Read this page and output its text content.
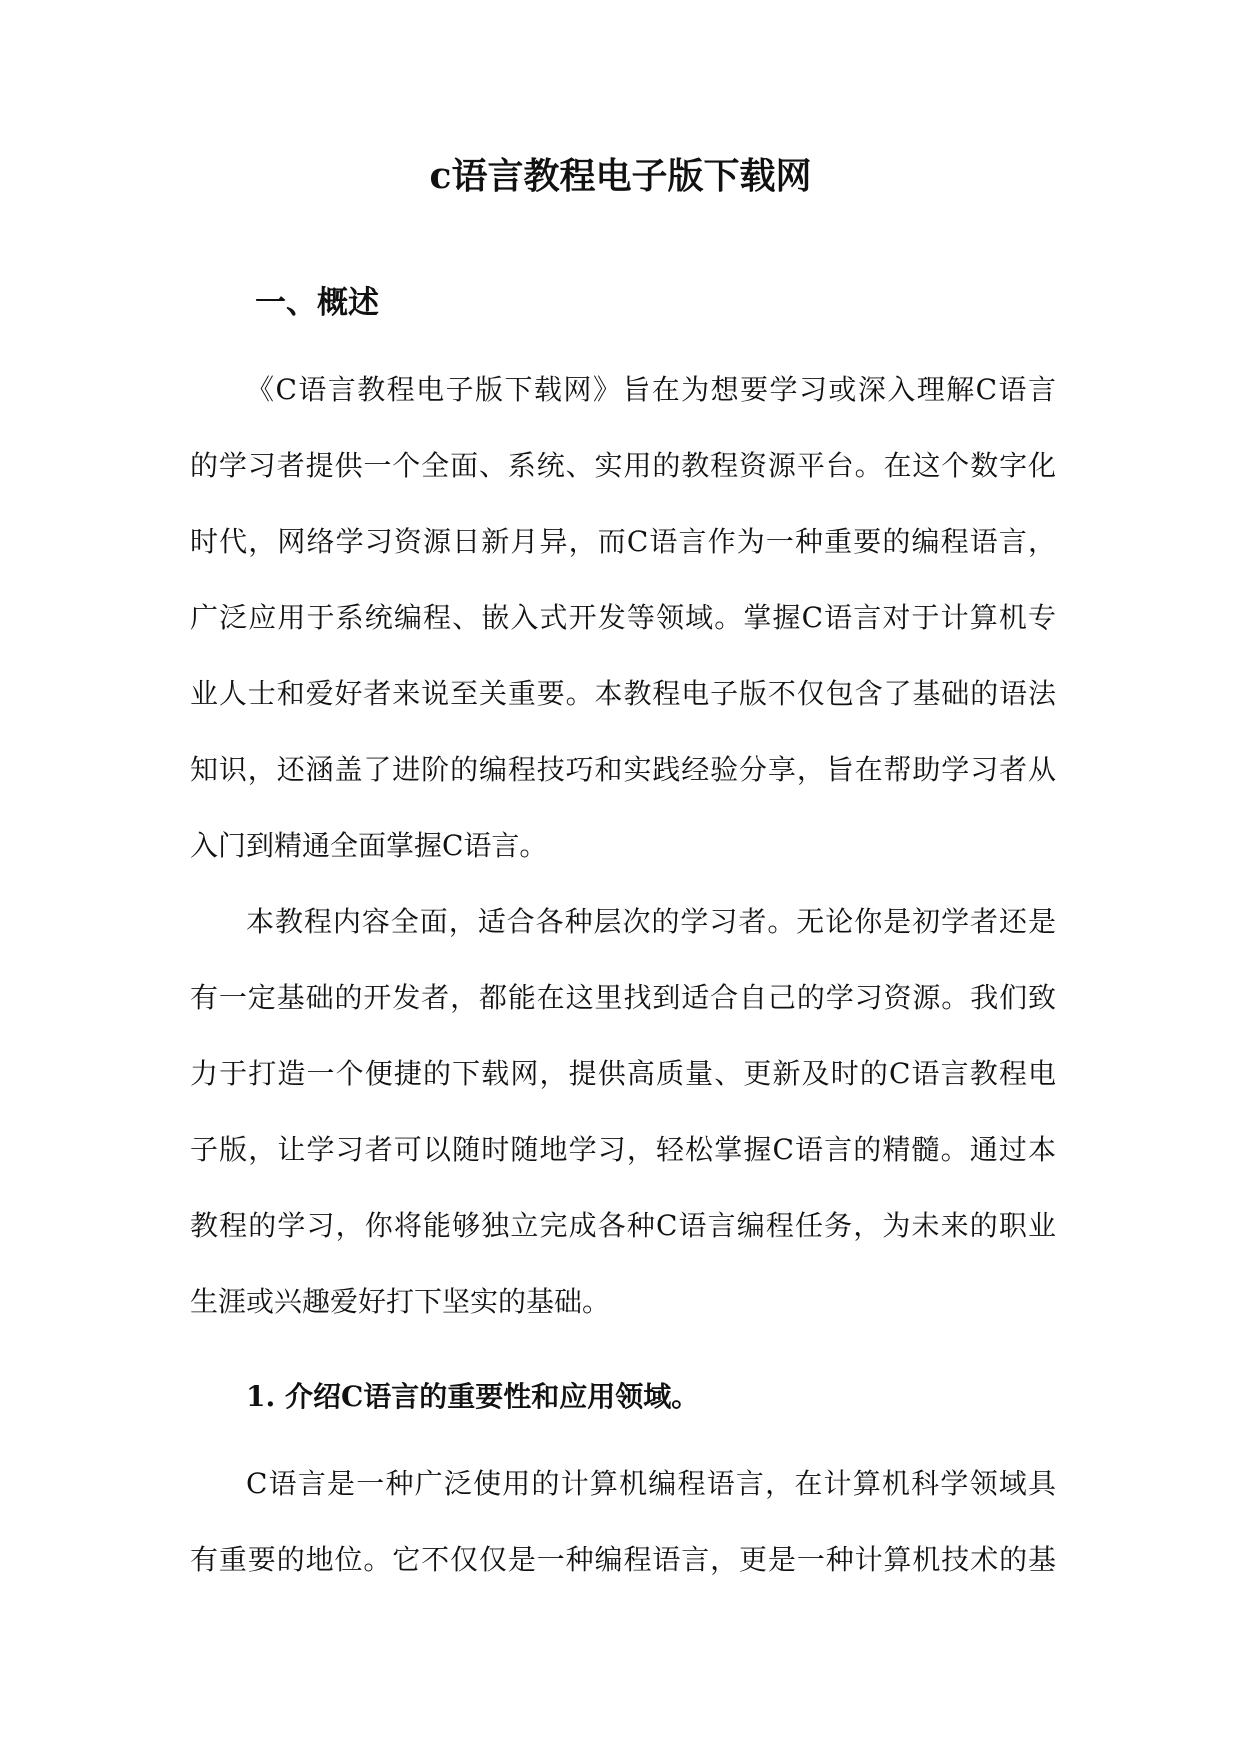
c语言教程电子版下载网
一、概述
《C语言教程电子版下载网》旨在为想要学习或深入理解C语言
的学习者提供一个全面、系统、实用的教程资源平台。在这个数字化
时代，网络学习资源日新月异，而C语言作为一种重要的编程语言，
广泛应用于系统编程、嵌入式开发等领域。掌握C语言对于计算机专
业人士和爱好者来说至关重要。本教程电子版不仅包含了基础的语法
知识，还涵盖了进阶的编程技巧和实践经验分享，旨在帮助学习者从
入门到精通全面掌握C语言。
本教程内容全面，适合各种层次的学习者。无论你是初学者还是
有一定基础的开发者，都能在这里找到适合自己的学习资源。我们致
力于打造一个便捷的下载网，提供高质量、更新及时的C语言教程电
子版，让学习者可以随时随地学习，轻松掌握C语言的精髓。通过本
教程的学习，你将能够独立完成各种C语言编程任务，为未来的职业
生涯或兴趣爱好打下坚实的基础。
1. 介绍C语言的重要性和应用领域。
C语言是一种广泛使用的计算机编程语言，在计算机科学领域具
有重要的地位。它不仅仅是一种编程语言，更是一种计算机技术的基
